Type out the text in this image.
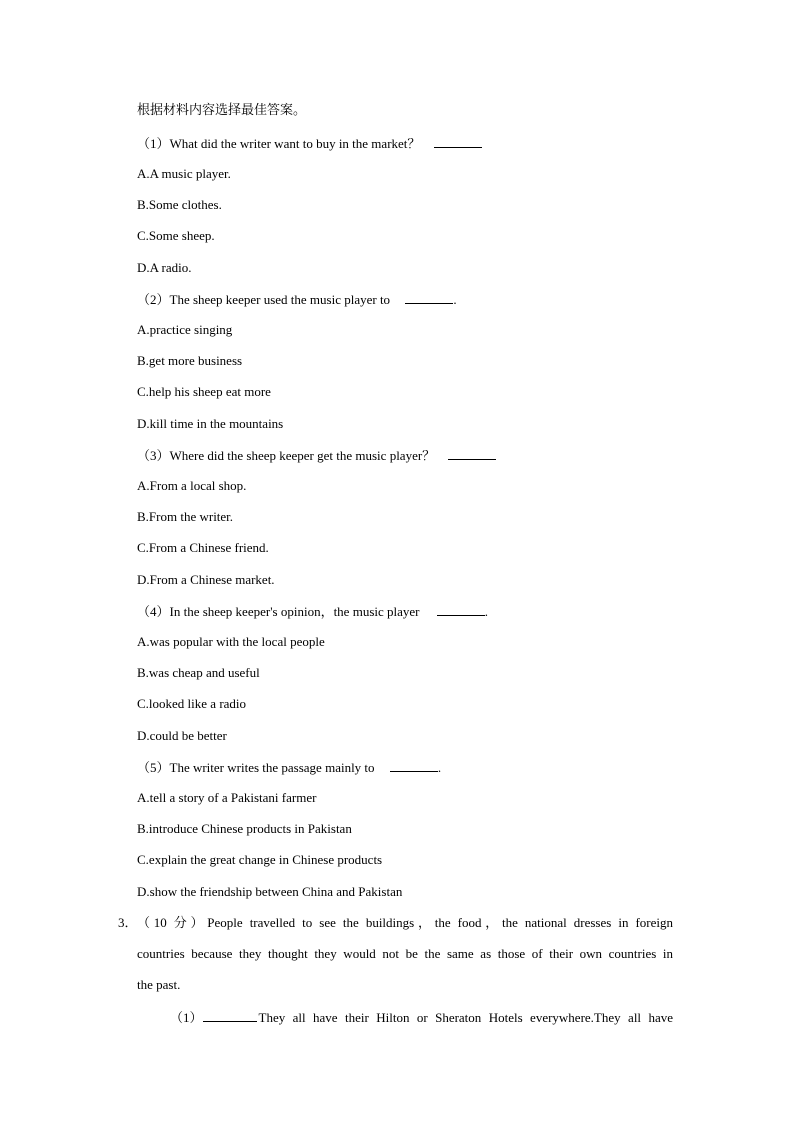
根据材料内容选择最佳答案。
（1）What did the writer want to buy in the market？
A.A music player.
B.Some clothes.
C.Some sheep.
D.A radio.
（2）The sheep keeper used the music player to	.
A.practice singing
B.get more business
C.help his sheep eat more
D.kill time in the mountains
（3）Where did the sheep keeper get the music player？
A.From a local shop.
B.From the writer.
C.From a Chinese friend.
D.From a Chinese market.
（4）In the sheep keeper's opinion，the music player	.
A.was popular with the local people
B.was cheap and useful
C.looked like a radio
D.could be better
（5）The writer writes the passage mainly to	.
A.tell a story of a Pakistani farmer
B.introduce Chinese products in Pakistan
C.explain the great change in Chinese products
D.show the friendship between China and Pakistan
3． （10 分）People travelled to see the buildings，the food，the national dresses in foreign
countries because they thought they would not be the same as those of their own countries in
the past.
（1）	They all have their Hilton or Sheraton Hotels everywhere.They all have
